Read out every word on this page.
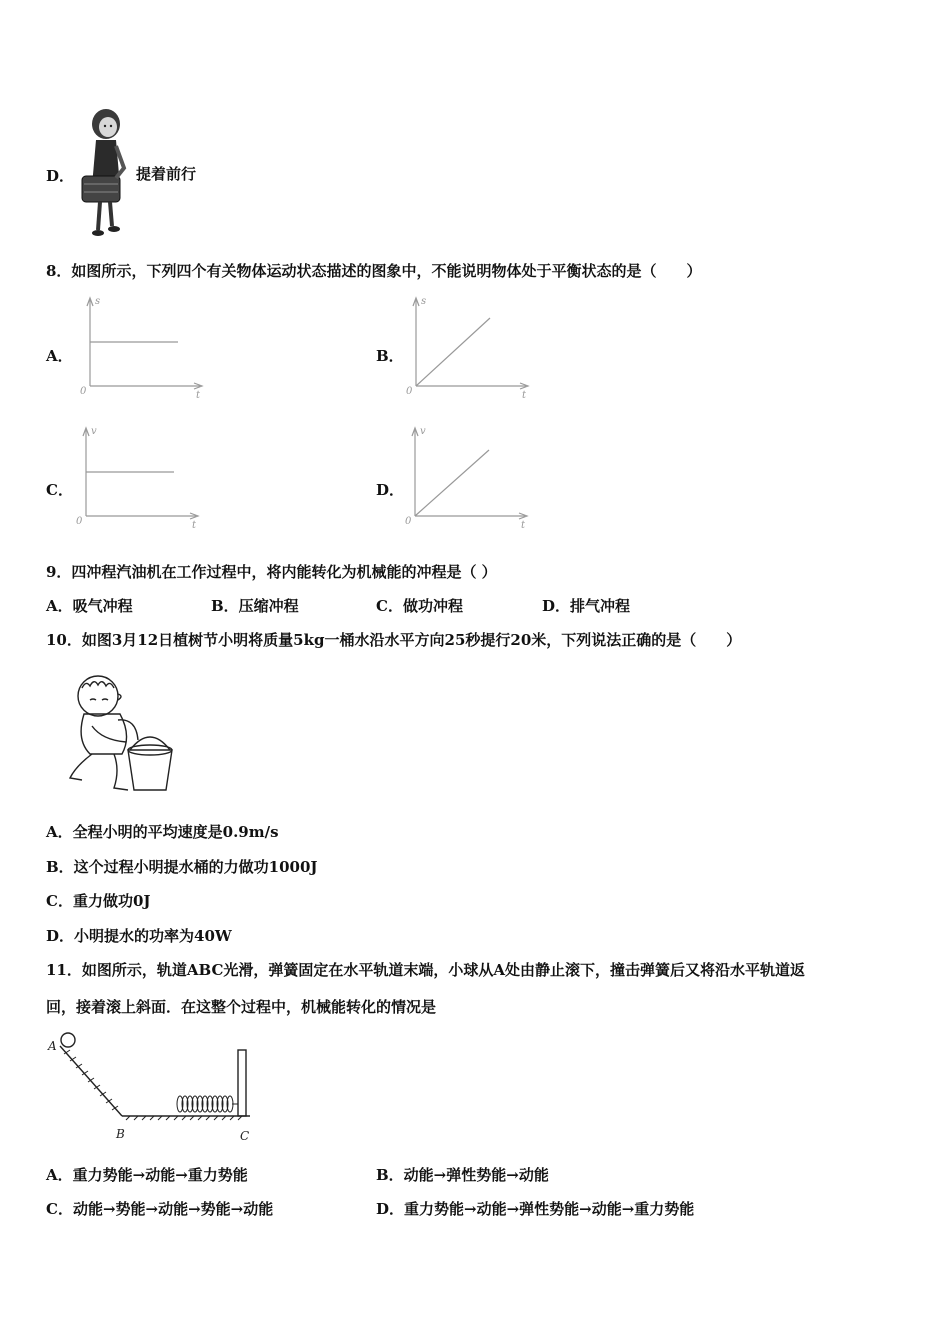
D．	提着前行
8．如图所示，下列四个有关物体运动状态描述的图象中，不能说明物体处于平衡状态的是（　　）
A．
s
t
0
B．
s
t
0
C．
v
t
0
D．
v
t
0
9．四冲程汽油机在工作过程中，将内能转化为机械能的冲程是（ ）
A．吸气冲程	B．压缩冲程	C．做功冲程	D．排气冲程
10．如图3月12日植树节小明将质量5kg一桶水沿水平方向25秒提行20米，下列说法正确的是（　　）
A．全程小明的平均速度是0.9m/s
B．这个过程小明提水桶的力做功1000J
C．重力做功0J
D．小明提水的功率为40W
11．如图所示，轨道ABC光滑，弹簧固定在水平轨道末端，小球从A处由静止滚下，撞击弹簧后又将沿水平轨道返
回，接着滚上斜面．在这整个过程中，机械能转化的情况是
A
B	C
A．重力势能→动能→重力势能	B．动能→弹性势能→动能
C．动能→势能→动能→势能→动能	D．重力势能→动能→弹性势能→动能→重力势能
